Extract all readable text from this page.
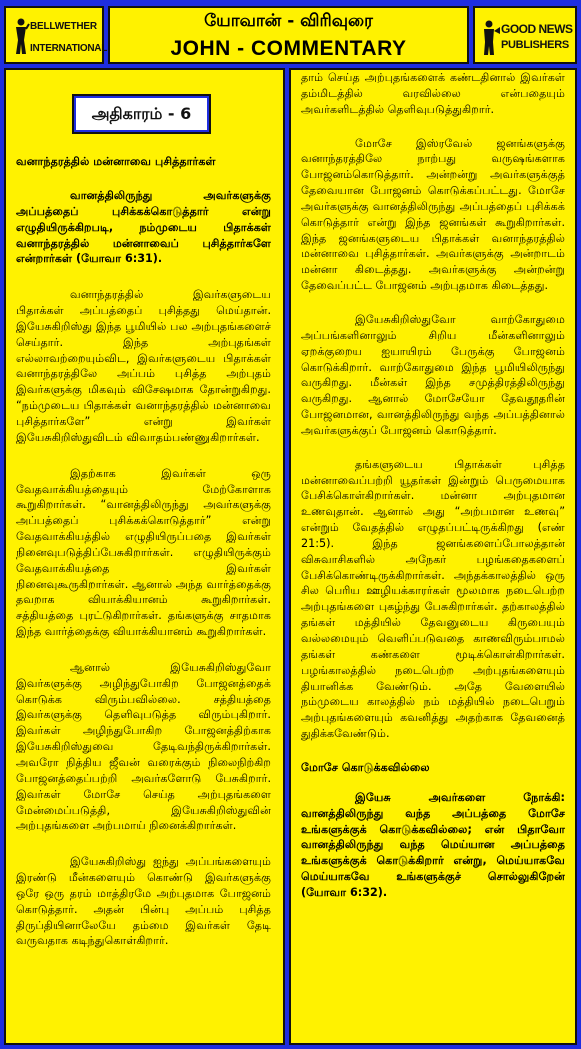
BELLWETHER
INTERNATIONAL
யோவான் - விரிவுரை
JOHN - COMMENTARY
GOOD NEWS
PUBLISHERS
அதிகாரம் - 6

வனாந்தரத்தில் மன்னாவை புசித்தார்கள்

வானத்திலிருந்து அவர்களுக்கு அப்பத்தைப் புசிக்கக்கொடுத்தார் என்று எழுதியிருக்கிறபடி, நம்முடைய பிதாக்கள் வனாந்தரத்தில் மன்னாவைப் புசித்தார்களே என்றார்கள் (யோவா 6:31).

வனாந்தரத்தில் இவர்களுடைய பிதாக்கள் அப்பத்தைப் புசித்தது மெய்தான். இயேசுகிறிஸ்து இந்த பூமியில் பல அற்புதங்களைச் செய்தார். இந்த அற்புதங்கள் எல்லாவற்றையும்விட, இவர்களுடைய பிதாக்கள் வனாந்தரத்திலே அப்பம் புசித்த அற்புதம் இவர்களுக்கு மிகவும் விசேஷமாக தோன்றுகிறது. “நம்முடைய பிதாக்கள் வனாந்தரத்தில் மன்னாவை புசித்தார்களே” என்று இவர்கள் இயேசுகிறிஸ்துவிடம் விவாதம்பண்ணுகிறார்கள்.

இதற்காக இவர்கள் ஒரு வேதவாக்கியத்தையும் மேற்கோளாக கூறுகிறார்கள். “வானத்திலிருந்து அவர்களுக்கு அப்பத்தைப் புசிக்கக்கொடுத்தார்” என்று வேதவாக்கியத்தில் எழுதியிருப்பதை இவர்கள் நினைவுபடுத்திப்பேசுகிறார்கள். எழுதியிருக்கும் வேதவாக்கியத்தை இவர்கள் நினைவுகூருகிறார்கள். ஆனால் அந்த வார்த்தைக்கு தவறாக வியாக்கியானம் கூறுகிறார்கள். சத்தியத்தை புரட்டுகிறார்கள். தங்களுக்கு சாதமாக இந்த வார்த்தைக்கு வியாக்கியானம் கூறுகிறார்கள்.

ஆனால் இயேசுகிறிஸ்துவோ இவர்களுக்கு அழிந்துபோகிற போஜனத்தைக் கொடுக்க விரும்பவில்லை. சத்தியத்தை இவர்களுக்கு தெளிவுபடுத்த விரும்புகிறார். இவர்கள் அழிந்துபோகிற போஜனத்திற்காக இயேசுகிறிஸ்துவை தேடிவந்திருக்கிறார்கள். அவரோ நித்திய ஜீவன் வரைக்கும் நிலைநிற்கிற போஜனத்தைப்பற்றி அவர்களோடு பேசுகிறார். இவர்கள் மோசே செய்த அற்புதங்களை மேன்மைப்படுத்தி, இயேசுகிறிஸ்துவின் அற்புதங்களை அற்பமாய் நினைக்கிறார்கள்.

இயேசுகிறிஸ்து ஐந்து அப்பங்களையும் இரண்டு மீன்களையும் கொண்டு இவர்களுக்கு ஒரே ஒரு தரம் மாத்திரமே அற்புதமாக போஜனம் கொடுத்தார். அதன் பின்பு அப்பம் புசித்த திருப்தியினாலேயே தம்மை இவர்கள் தேடி வருவதாக கடிந்துகொள்கிறார்.

தாம் செய்த அற்புதங்களைக் கண்டதினால் இவர்கள் தம்மிடத்தில் வரவில்லை என்பதையும் அவர்களிடத்தில் தெளிவுபடுத்துகிறார்.

மோசே இஸ்ரவேல் ஜனங்களுக்கு வனாந்தரத்திலே நாற்பது வருஷங்களாக போஜனம்கொடுத்தார். அன்றன்று அவர்களுக்குத் தேவையான போஜனம் கொடுக்கப்பட்டது. மோசே அவர்களுக்கு வானத்திலிருந்து அப்பத்தைப் புசிக்கக் கொடுத்தார் என்று இந்த ஜனங்கள் கூறுகிறார்கள். இந்த ஜனங்களுடைய பிதாக்கள் வனாந்தரத்தில் மன்னாவை புசித்தார்கள். அவர்களுக்கு அன்றாடம் மன்னா கிடைத்தது. அவர்களுக்கு அன்றன்று தேவைப்பட்ட போஜனம் அற்புதமாக கிடைத்தது.

இயேசுகிறிஸ்துவோ வாற்கோதுமை அப்பங்களினாலும் சிறிய மீன்களினாலும் ஏறக்குறைய ஐயாயிரம் பேருக்கு போஜனம் கொடுக்கிறார். வாற்கோதுமை இந்த பூமியிலிருந்து வருகிறது. மீன்கள் இந்த சமுத்திரத்திலிருந்து வருகிறது. ஆனால் மோசேயோ தேவதூதரின் போஜனமான, வானத்திலிருந்து வந்த அப்பத்தினால் அவர்களுக்குப் போஜனம் கொடுத்தார்.

தங்களுடைய பிதாக்கள் புசித்த மன்னாவைப்பற்றி யூதர்கள் இன்றும் பெருமையாக பேசிக்கொள்கிறார்கள். மன்னா அற்புதமான உணவுதான். ஆனால் அது “அற்பமான உணவு” என்றும் வேதத்தில் எழுதப்பட்டிருக்கிறது (எண் 21:5). இந்த ஜனங்களைப்போலத்தான் விசுவாசிகளில் அநேகர் பழங்கதைகளைப் பேசிக்கொண்டிருக்கிறார்கள். அந்தக்காலத்தில் ஒரு சில பெரிய ஊழியக்காரர்கள் மூலமாக நடைபெற்ற அற்புதங்களை புகழ்ந்து பேசுகிறார்கள். தற்காலத்தில் தங்கள் மத்தியில் தேவனுடைய கிருபையும் வல்லமையும் வெளிப்படுவதை காணவிரும்பாமல் தங்கள் கண்களை மூடிக்கொள்கிறார்கள். பழங்காலத்தில் நடைபெற்ற அற்புதங்களையும் தியானிக்க வேண்டும். அதே வேளையில் நம்முடைய காலத்தில் நம் மத்தியில் நடைபெறும் அற்புதங்களையும் கவனித்து அதற்காக தேவனைத் துதிக்கவேண்டும்.

மோசே கொடுக்கவில்லை

இயேசு அவர்களை நோக்கி: வானத்திலிருந்து வந்த அப்பத்தை மோசே உங்களுக்குக் கொடுக்கவில்லை; என் பிதாவோ வானத்திலிருந்து வந்த மெய்யான அப்பத்தை உங்களுக்குக் கொடுக்கிறார் என்று, மெய்யாகவே மெய்யாகவே உங்களுக்குச் சொல்லுகிறேன் (யோவா 6:32).
